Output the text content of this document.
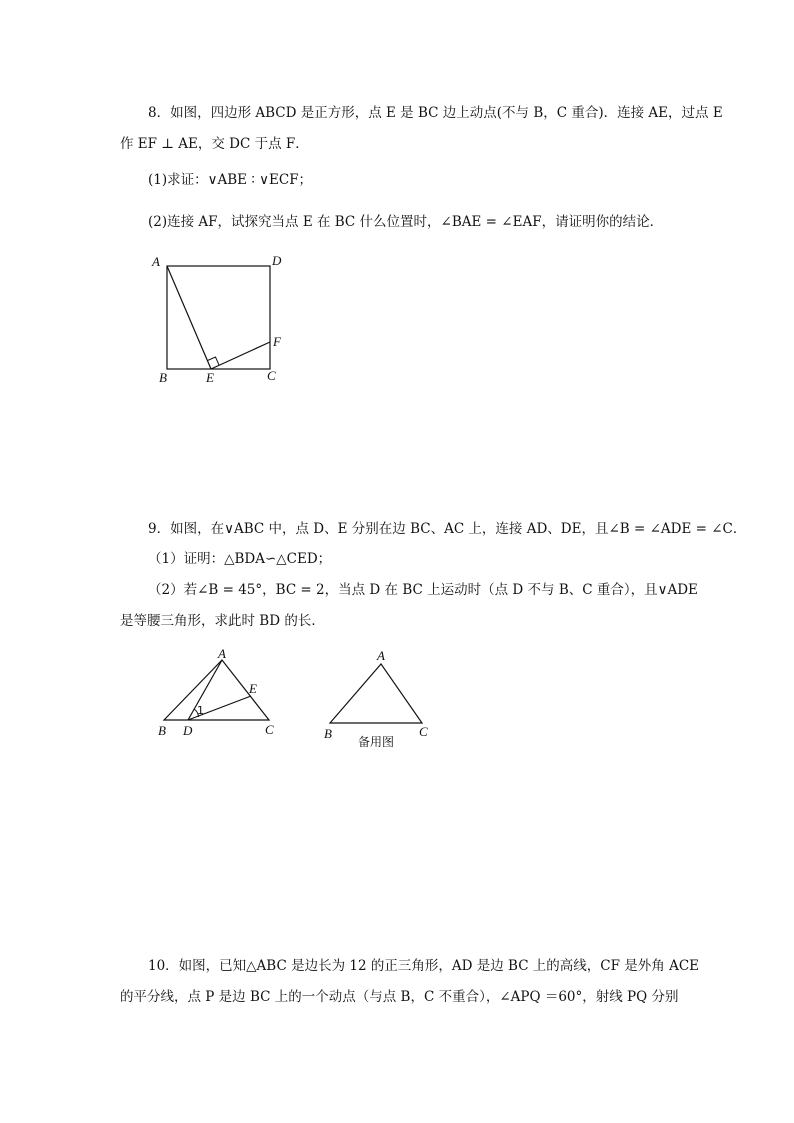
8．如图，四边形 ABCD 是正方形，点 E 是 BC 边上动点(不与 B，C 重合)．连接 AE，过点 E
作 EF ⊥ AE，交 DC 于点 F．
(1)求证：∨ABE ∶ ∨ECF；
(2)连接 AF，试探究当点 E 在 BC 什么位置时，∠BAE = ∠EAF，请证明你的结论．
A	D
B	E	C
F
9．如图，在∨ABC 中，点 D、E 分别在边 BC、AC 上，连接 AD、DE，且∠B = ∠ADE = ∠C．
（1）证明：△BDA∽△CED；
（2）若∠B = 45°，BC = 2，当点 D 在 BC 上运动时（点 D 不与 B、C 重合），且∨ADE
是等腰三角形，求此时 BD 的长．
A
B D	C
E
1
A
B	C
备用图
10．如图，已知△ABC 是边长为 12 的正三角形，AD 是边 BC 上的高线，CF 是外角 ACE
的平分线，点 P 是边 BC 上的一个动点（与点 B，C 不重合），∠APQ ＝60°，射线 PQ 分别
